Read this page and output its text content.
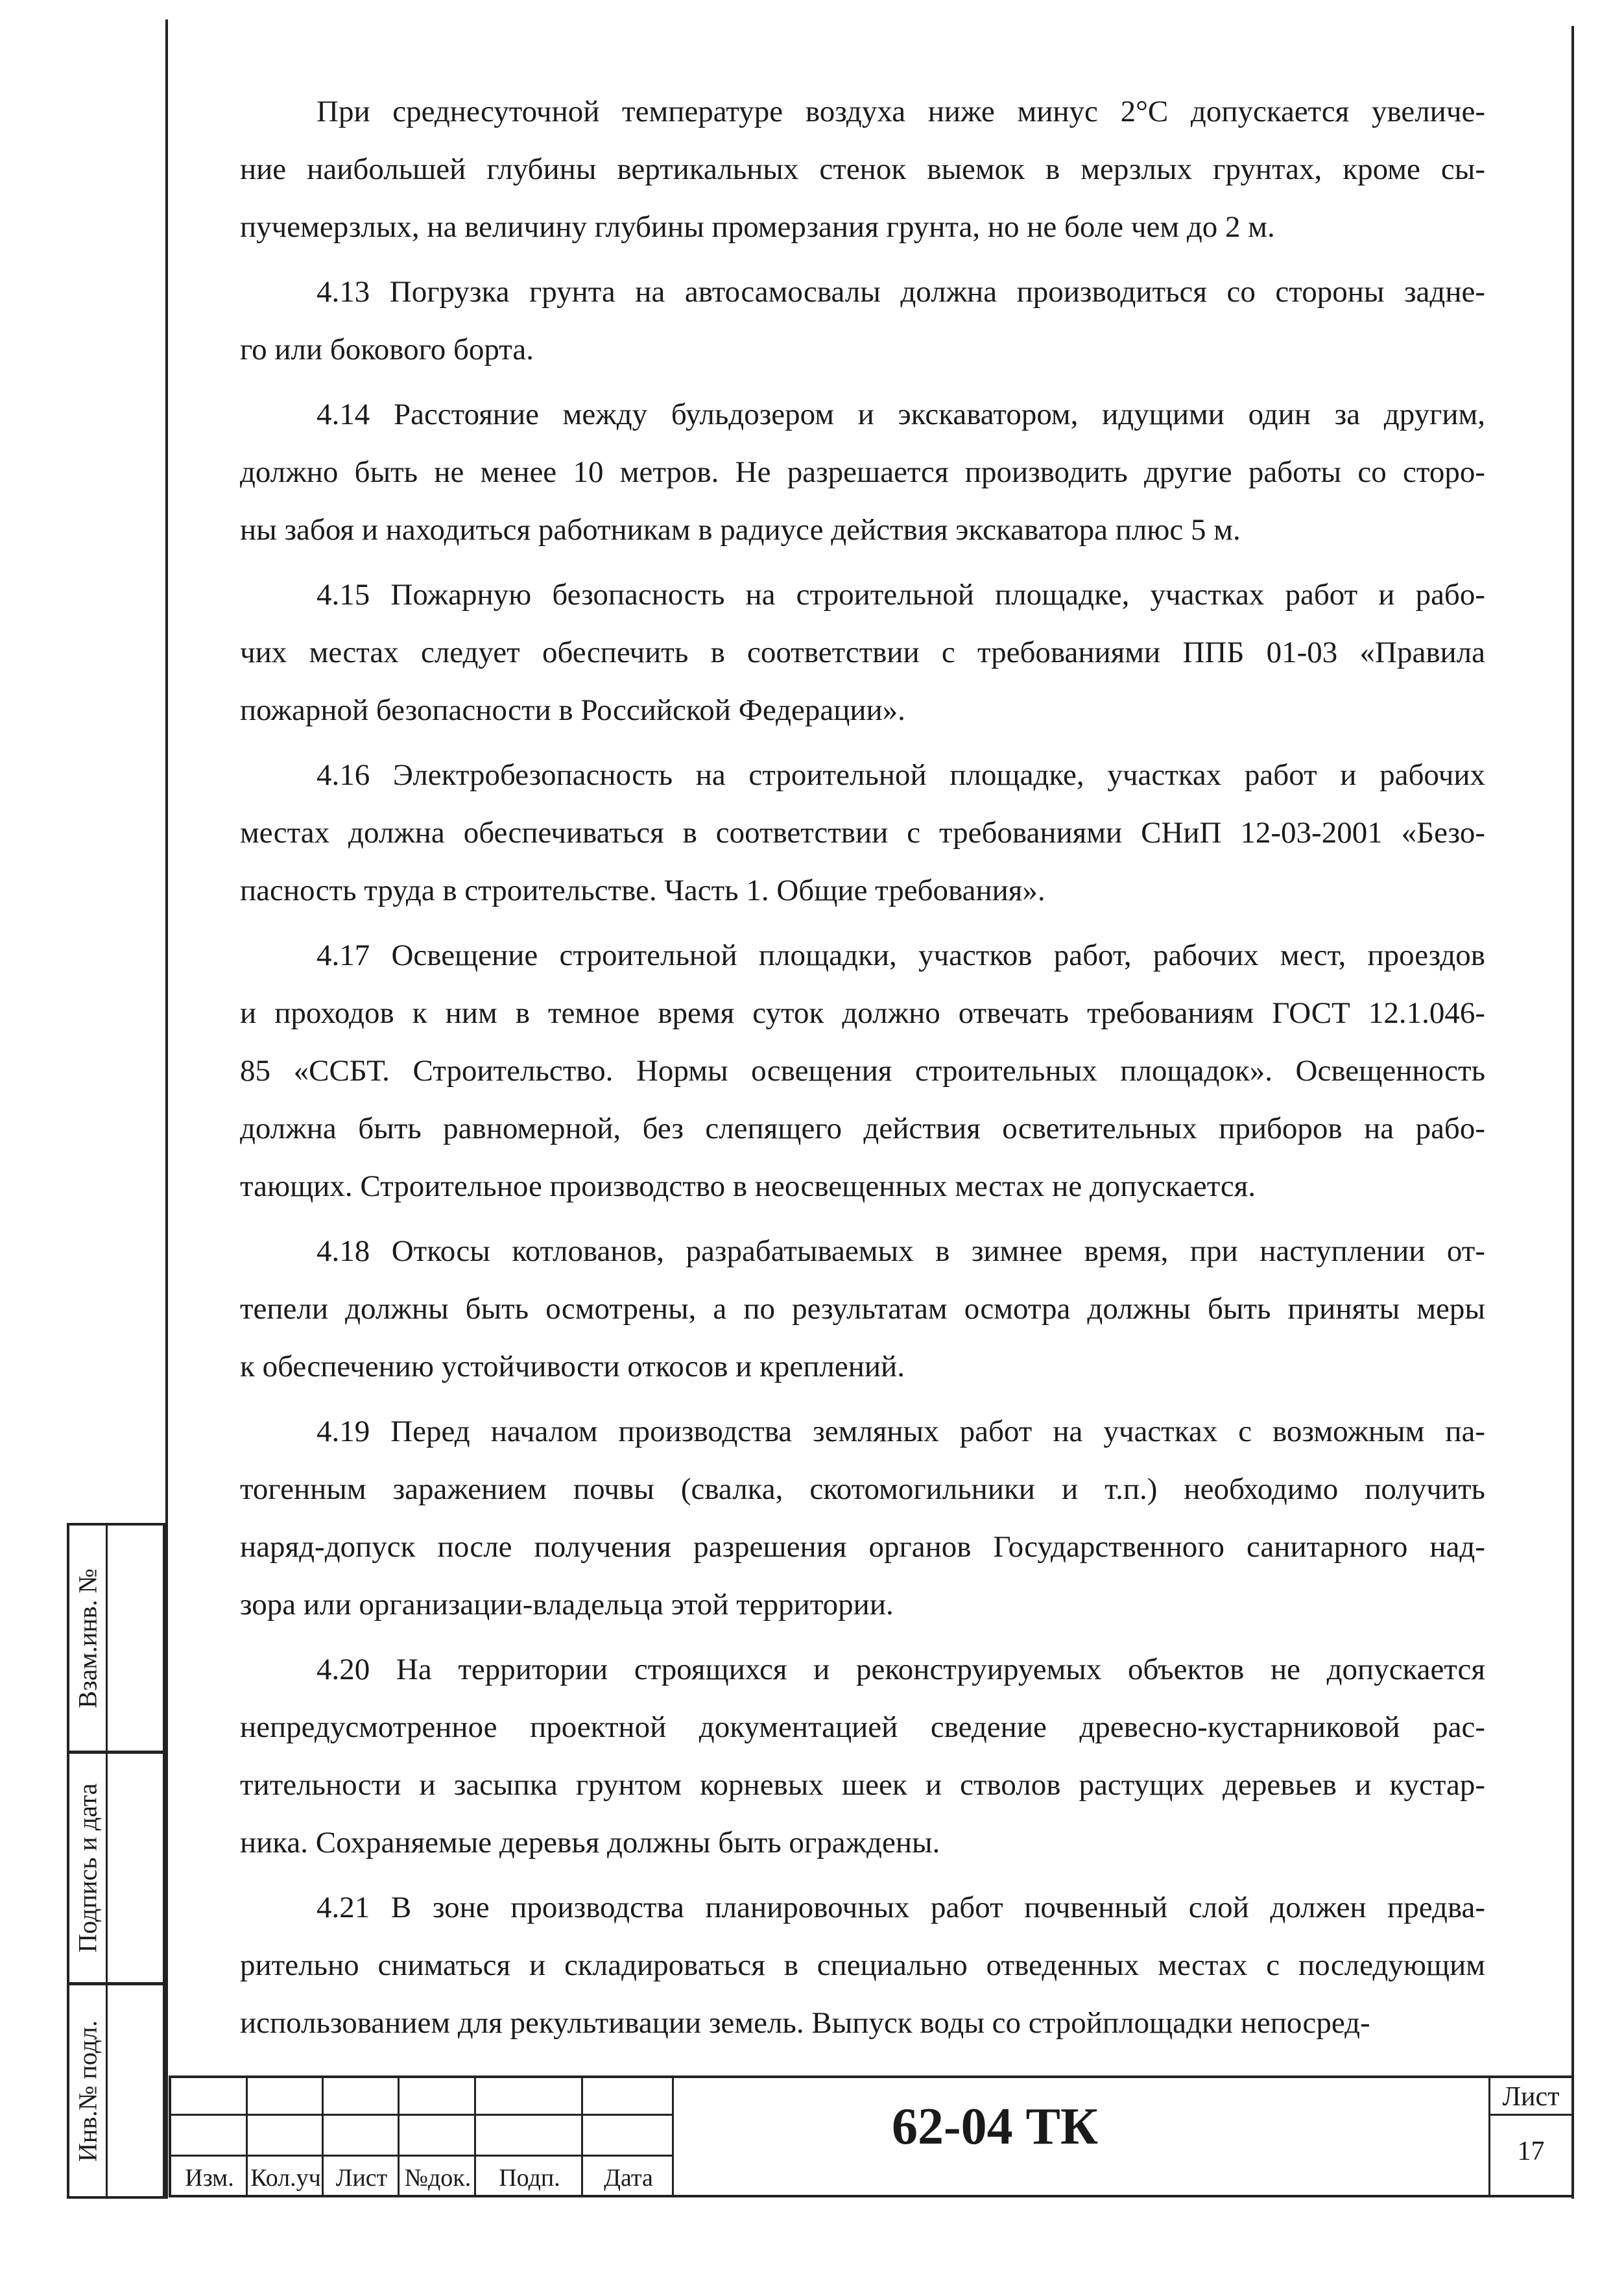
При среднесуточной температуре воздуха ниже минус 2°С допускается увеличе-
ние наибольшей глубины вертикальных стенок выемок в мерзлых грунтах, кроме сы-
пучемерзлых, на величину глубины промерзания грунта, но не боле чем до 2 м.
4.13 Погрузка грунта на автосамосвалы должна производиться со стороны задне-
го или бокового борта.
4.14 Расстояние между бульдозером и экскаватором, идущими один за другим,
должно быть не менее 10 метров. Не разрешается производить другие работы со сторо-
ны забоя и находиться работникам в радиусе действия экскаватора плюс 5 м.
4.15 Пожарную безопасность на строительной площадке, участках работ и рабо-
чих местах следует обеспечить в соответствии с требованиями ППБ 01-03 «Правила
пожарной безопасности в Российской Федерации».
4.16 Электробезопасность на строительной площадке, участках работ и рабочих
местах должна обеспечиваться в соответствии с требованиями СНиП 12-03-2001 «Безо-
пасность труда в строительстве. Часть 1. Общие требования».
4.17 Освещение строительной площадки, участков работ, рабочих мест, проездов
и проходов к ним в темное время суток должно отвечать требованиям ГОСТ 12.1.046-
85 «ССБТ. Строительство. Нормы освещения строительных площадок». Освещенность
должна быть равномерной, без слепящего действия осветительных приборов на рабо-
тающих. Строительное производство в неосвещенных местах не допускается.
4.18 Откосы котлованов, разрабатываемых в зимнее время, при наступлении от-
тепели должны быть осмотрены, а по результатам осмотра должны быть приняты меры
к обеспечению устойчивости откосов и креплений.
4.19 Перед началом производства земляных работ на участках с возможным па-
тогенным заражением почвы (свалка, скотомогильники и т.п.) необходимо получить
наряд-допуск после получения разрешения органов Государственного санитарного над-
зора или организации-владельца этой территории.
4.20 На территории строящихся и реконструируемых объектов не допускается
непредусмотренное проектной документацией сведение древесно-кустарниковой рас-
тительности и засыпка грунтом корневых шеек и стволов растущих деревьев и кустар-
ника. Сохраняемые деревья должны быть ограждены.
4.21 В зоне производства планировочных работ почвенный слой должен предва-
рительно сниматься и складироваться в специально отведенных местах с последующим
использованием для рекультивации земель. Выпуск воды со стройплощадки непосред-
Взам.инв. №
Подпись и дата
Инв.№ подл.
Изм. Кол.уч Лист №док.	Подп.	Дата
62-04 ТК
Лист
17
